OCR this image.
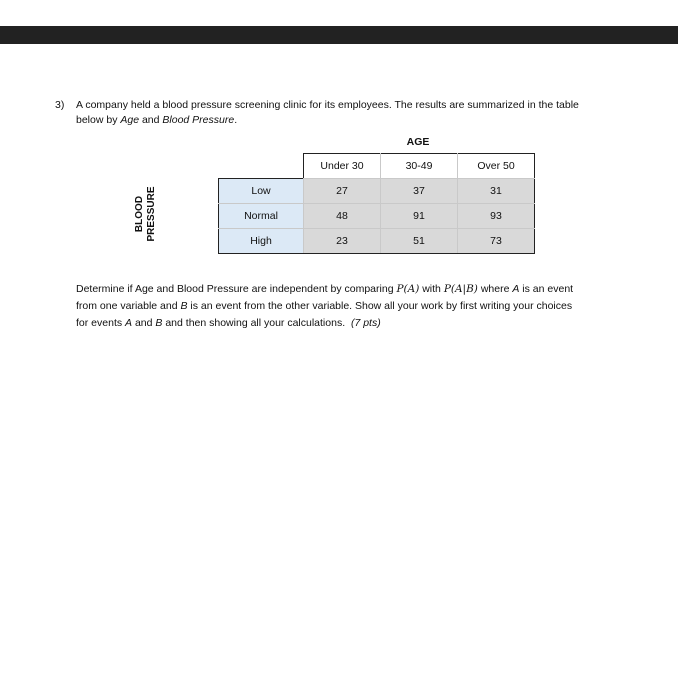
3) A company held a blood pressure screening clinic for its employees. The results are summarized in the table
below by Age and Blood Pressure.
AGE
BLOOD PRESSURE
	Under 30	30-49	Over 50
Low	27	37	31
Normal	48	91	93
High	23	51	73
Determine if Age and Blood Pressure are independent by comparing P(A) with P(A|B) where A is an event
from one variable and B is an event from the other variable. Show all your work by first writing your choices
for events A and B and then showing all your calculations. (7 pts)
